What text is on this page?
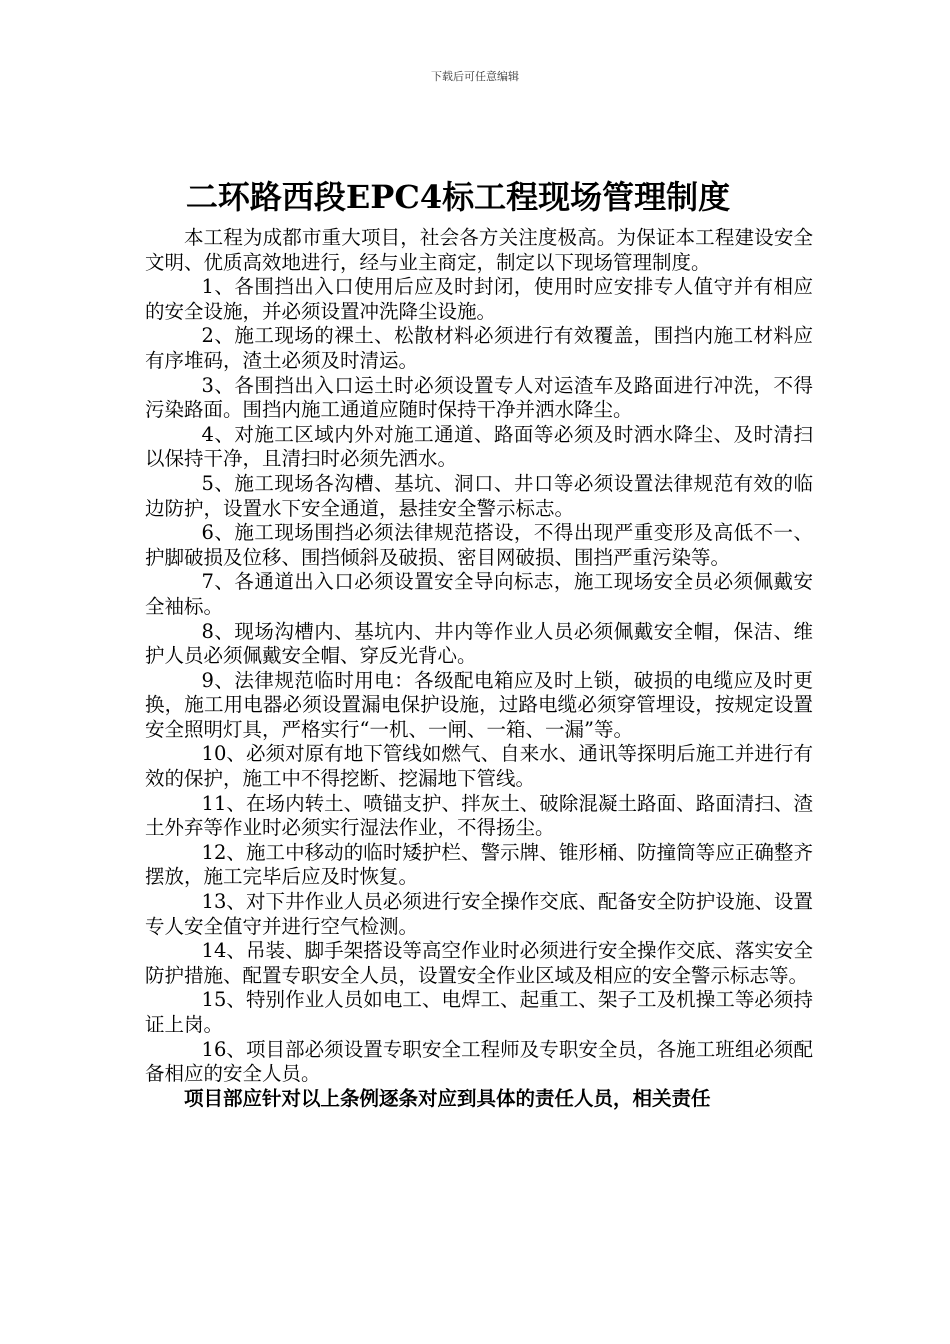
下载后可任意编辑
二环路西段EPC4标工程现场管理制度

本工程为成都市重大项目，社会各方关注度极高。为保证本工程建设安全文明、优质高效地进行，经与业主商定，制定以下现场管理制度。

1、各围挡出入口使用后应及时封闭，使用时应安排专人值守并有相应的安全设施，并必须设置冲洗降尘设施。

2、施工现场的裸土、松散材料必须进行有效覆盖，围挡内施工材料应有序堆码，渣土必须及时清运。

3、各围挡出入口运土时必须设置专人对运渣车及路面进行冲洗，不得污染路面。围挡内施工通道应随时保持干净并洒水降尘。

4、对施工区域内外对施工通道、路面等必须及时洒水降尘、及时清扫以保持干净，且清扫时必须先洒水。

5、施工现场各沟槽、基坑、洞口、井口等必须设置法律规范有效的临边防护，设置水下安全通道，悬挂安全警示标志。

6、施工现场围挡必须法律规范搭设，不得出现严重变形及高低不一、护脚破损及位移、围挡倾斜及破损、密目网破损、围挡严重污染等。

7、各通道出入口必须设置安全导向标志，施工现场安全员必须佩戴安全袖标。

8、现场沟槽内、基坑内、井内等作业人员必须佩戴安全帽，保洁、维护人员必须佩戴安全帽、穿反光背心。

9、法律规范临时用电：各级配电箱应及时上锁，破损的电缆应及时更换，施工用电器必须设置漏电保护设施，过路电缆必须穿管埋设，按规定设置安全照明灯具，严格实行“一机、一闸、一箱、一漏”等。

10、必须对原有地下管线如燃气、自来水、通讯等探明后施工并进行有效的保护，施工中不得挖断、挖漏地下管线。

11、在场内转土、喷锚支护、拌灰土、破除混凝土路面、路面清扫、渣土外弃等作业时必须实行湿法作业，不得扬尘。

12、施工中移动的临时矮护栏、警示牌、锥形桶、防撞筒等应正确整齐摆放，施工完毕后应及时恢复。

13、对下井作业人员必须进行安全操作交底、配备安全防护设施、设置专人安全值守并进行空气检测。

14、吊装、脚手架搭设等高空作业时必须进行安全操作交底、落实安全防护措施、配置专职安全人员，设置安全作业区域及相应的安全警示标志等。

15、特别作业人员如电工、电焊工、起重工、架子工及机操工等必须持证上岗。

16、项目部必须设置专职安全工程师及专职安全员，各施工班组必须配备相应的安全人员。

项目部应针对以上条例逐条对应到具体的责任人员，相关责任
